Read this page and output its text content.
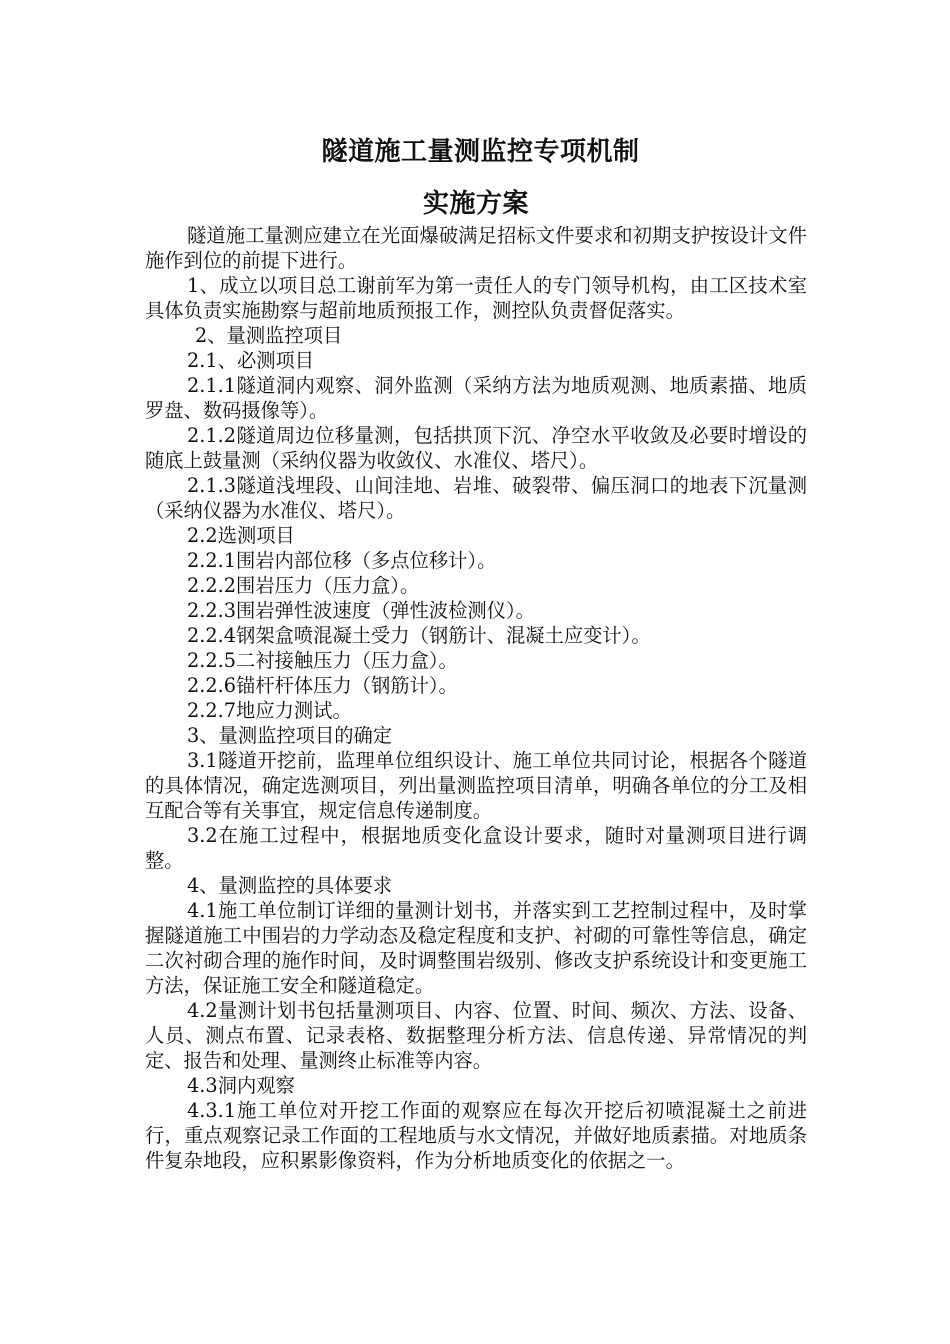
隧道施工量测监控专项机制
实施方案

隧道施工量测应建立在光面爆破满足招标文件要求和初期支护按设计文件施作到位的前提下进行。

1、成立以项目总工谢前军为第一责任人的专门领导机构，由工区技术室具体负责实施勘察与超前地质预报工作，测控队负责督促落实。

2、量测监控项目

2.1、必测项目

2.1.1隧道洞内观察、洞外监测（采纳方法为地质观测、地质素描、地质罗盘、数码摄像等）。

2.1.2隧道周边位移量测，包括拱顶下沉、净空水平收敛及必要时增设的随底上鼓量测（采纳仪器为收敛仪、水准仪、塔尺）。

2.1.3隧道浅埋段、山间洼地、岩堆、破裂带、偏压洞口的地表下沉量测（采纳仪器为水准仪、塔尺）。

2.2选测项目

2.2.1围岩内部位移（多点位移计）。

2.2.2围岩压力（压力盒）。

2.2.3围岩弹性波速度（弹性波检测仪）。

2.2.4钢架盒喷混凝土受力（钢筋计、混凝土应变计）。

2.2.5二衬接触压力（压力盒）。

2.2.6锚杆杆体压力（钢筋计）。

2.2.7地应力测试。

3、量测监控项目的确定

3.1隧道开挖前，监理单位组织设计、施工单位共同讨论，根据各个隧道的具体情况，确定选测项目，列出量测监控项目清单，明确各单位的分工及相互配合等有关事宜，规定信息传递制度。

3.2在施工过程中，根据地质变化盒设计要求，随时对量测项目进行调整。

4、量测监控的具体要求

4.1施工单位制订详细的量测计划书，并落实到工艺控制过程中，及时掌握隧道施工中围岩的力学动态及稳定程度和支护、衬砌的可靠性等信息，确定二次衬砌合理的施作时间，及时调整围岩级别、修改支护系统设计和变更施工方法，保证施工安全和隧道稳定。

4.2量测计划书包括量测项目、内容、位置、时间、频次、方法、设备、人员、测点布置、记录表格、数据整理分析方法、信息传递、异常情况的判定、报告和处理、量测终止标准等内容。

4.3洞内观察

4.3.1施工单位对开挖工作面的观察应在每次开挖后初喷混凝土之前进行，重点观察记录工作面的工程地质与水文情况，并做好地质素描。对地质条件复杂地段，应积累影像资料，作为分析地质变化的依据之一。
